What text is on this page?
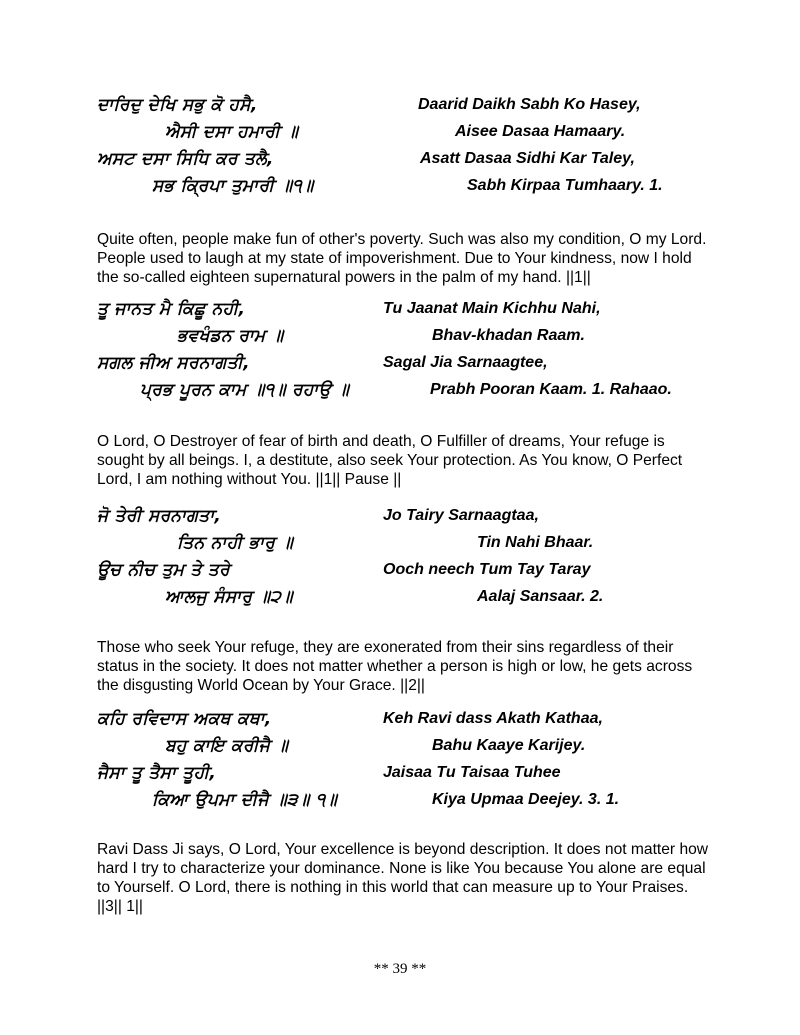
ਦਾਰਿਦੁ ਦੇਖਿ ਸਭੁ ਕੋ ਹਸੈ,
ਐਸੀ ਦਸਾ ਹਮਾਰੀ ॥
ਅਸਟ ਦਸਾ ਸਿਧਿ ਕਰ ਤਲੈ,
ਸਭ ਕ੍ਰਿਪਾ ਤੁਮਾਰੀ ॥੧॥
Daarid Daikh Sabh Ko Hasey,
Aisee Dasaa Hamaary.
Asatt Dasaa Sidhi Kar Taley,
Sabh Kirpaa Tumhaary. 1.

Quite often, people make fun of other's poverty. Such was also my condition, O my Lord. People used to laugh at my state of impoverishment. Due to Your kindness, now I hold the so-called eighteen supernatural powers in the palm of my hand. ||1||

ਤੂ ਜਾਨਤ ਮੈ ਕਿਛੂ ਨਹੀ,
ਭਵਖੰਡਨ ਰਾਮ ॥
ਸਗਲ ਜੀਅ ਸਰਨਾਗਤੀ,
ਪ੍ਰਭ ਪੂਰਨ ਕਾਮ ॥੧॥ ਰਹਾਉ ॥
Tu Jaanat Main Kichhu Nahi,
Bhav-khadan Raam.
Sagal Jia Sarnaagtee,
Prabh Pooran Kaam. 1. Rahaao.

O Lord, O Destroyer of fear of birth and death, O Fulfiller of dreams, Your refuge is sought by all beings. I, a destitute, also seek Your protection. As You know, O Perfect Lord, I am nothing without You. ||1|| Pause ||

ਜੋ ਤੇਰੀ ਸਰਨਾਗਤਾ,
ਤਿਨ ਨਾਹੀ ਭਾਰੁ ॥
ਊਚ ਨੀਚ ਤੁਮ ਤੇ ਤਰੇ
ਆਲਜੁ ਸੰਸਾਰੁ ॥੨॥
Jo Tairy Sarnaagtaa,
Tin Nahi Bhaar.
Ooch neech Tum Tay Taray
Aalaj Sansaar. 2.

Those who seek Your refuge, they are exonerated from their sins regardless of their status in the society. It does not matter whether a person is high or low, he gets across the disgusting World Ocean by Your Grace. ||2||

ਕਹਿ ਰਵਿਦਾਸ ਅਕਥ ਕਥਾ,
ਬਹੁ ਕਾਇ ਕਰੀਜੈ ॥
ਜੈਸਾ ਤੂ ਤੈਸਾ ਤੂਹੀ,
ਕਿਆ ਉਪਮਾ ਦੀਜੈ ॥੩॥ ੧॥
Keh Ravi dass Akath Kathaa,
Bahu Kaaye Karijey.
Jaisaa Tu Taisaa Tuhee
Kiya Upmaa Deejey. 3. 1.

Ravi Dass Ji says, O Lord, Your excellence is beyond description. It does not matter how hard I try to characterize your dominance. None is like You because You alone are equal to Yourself. O Lord, there is nothing in this world that can measure up to Your Praises. ||3|| 1||

** 39 **
